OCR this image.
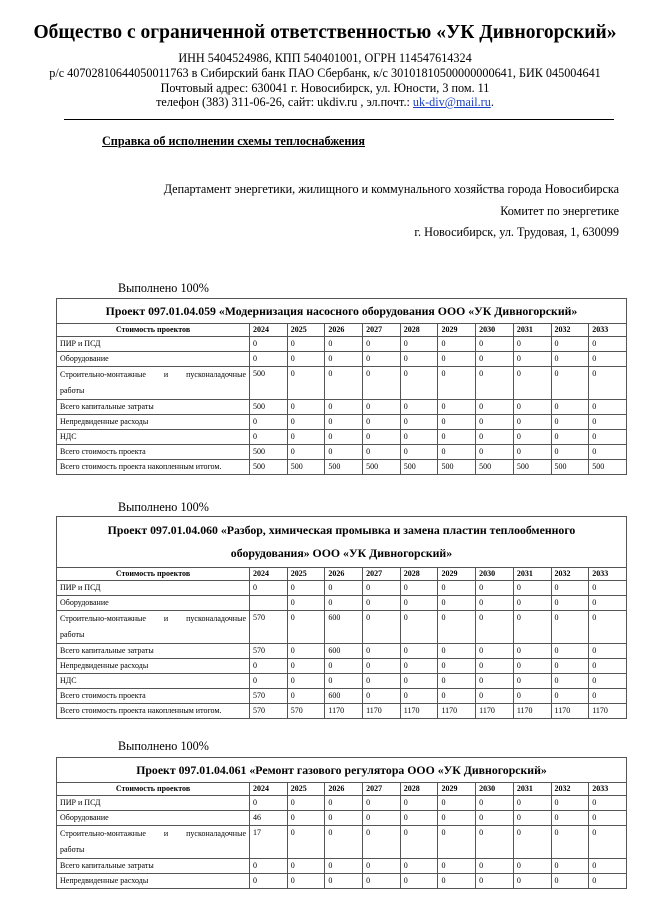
Общество с ограниченной ответственностью «УК Дивногорский»
ИНН 5404524986, КПП 540401001, ОГРН 114547614324
р/с 40702810644050011763 в Сибирский банк ПАО Сбербанк, к/с 30101810500000000641, БИК 045004641
Почтовый адрес: 630041 г. Новосибирск, ул. Юности, 3 пом. 11
телефон (383) 311-06-26, сайт: ukdiv.ru , эл.почт.: uk-div@mail.ru.
Справка об исполнении схемы теплоснабжения
Департамент энергетики, жилищного и коммунального хозяйства города Новосибирска
Комитет по энергетике
г. Новосибирск, ул. Трудовая, 1, 630099
Выполнено 100%
Проект 097.01.04.059 «Модернизация насосного оборудования ООО «УК Дивногорский»										
Стоимость проектов	2024	2025	2026	2027	2028	2029	2030	2031	2032	2033
ПИР и ПСД	0	0	0	0	0	0	0	0	0	0
Оборудование	0	0	0	0	0	0	0	0	0	0

Строительно-монтажные и пусконаладочные
работы	500	0	0	0	0	0	0	0	0	0
Всего капитальные затраты	500	0	0	0	0	0	0	0	0	0
Непредвиденные расходы	0	0	0	0	0	0	0	0	0	0
НДС	0	0	0	0	0	0	0	0	0	0
Всего стоимость проекта	500	0	0	0	0	0	0	0	0	0
Всего стоимость проекта накопленным итогом.	500	500	500	500	500	500	500	500	500	500
Выполнено 100%
Проект 097.01.04.060 «Разбор, химическая промывка и замена пластин теплообменного
оборудования» ООО «УК Дивногорский»										
Стоимость проектов	2024	2025	2026	2027	2028	2029	2030	2031	2032	2033
ПИР и ПСД	0	0	0	0	0	0	0	0	0	0
Оборудование		0	0	0	0	0	0	0	0	0

Строительно-монтажные и пусконаладочные
работы	570	0	600	0	0	0	0	0	0	0
Всего капитальные затраты	570	0	600	0	0	0	0	0	0	0
Непредвиденные расходы	0	0	0	0	0	0	0	0	0	0
НДС	0	0	0	0	0	0	0	0	0	0
Всего стоимость проекта	570	0	600	0	0	0	0	0	0	0
Всего стоимость проекта накопленным итогом.	570	570	1170	1170	1170	1170	1170	1170	1170	1170
Выполнено 100%
Проект 097.01.04.061 «Ремонт газового регулятора ООО «УК Дивногорский»										
Стоимость проектов	2024	2025	2026	2027	2028	2029	2030	2031	2032	2033
ПИР и ПСД	0	0	0	0	0	0	0	0	0	0
Оборудование	46	0	0	0	0	0	0	0	0	0

Строительно-монтажные и пусконаладочные
работы	17	0	0	0	0	0	0	0	0	0
Всего капитальные затраты	0	0	0	0	0	0	0	0	0	0
Непредвиденные расходы	0	0	0	0	0	0	0	0	0	0
